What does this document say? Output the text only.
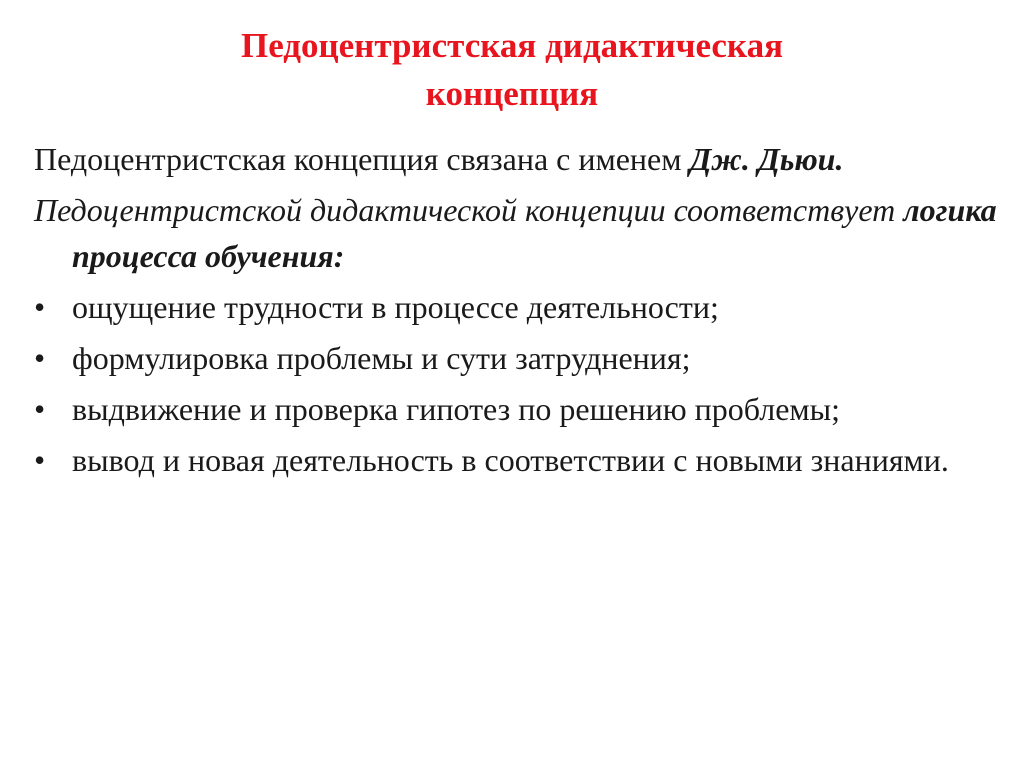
Педоцентристская дидактическая
концепция

Педоцентристская концепция связана с именем Дж. Дьюи.

Педоцентристской дидактической концепции соответствует логика процесса обучения:

• ощущение трудности в процессе деятельности;
• формулировка проблемы и сути затруднения;
• выдвижение и проверка гипотез по решению проблемы;
• вывод и новая деятельность в соответствии с новыми знаниями.
